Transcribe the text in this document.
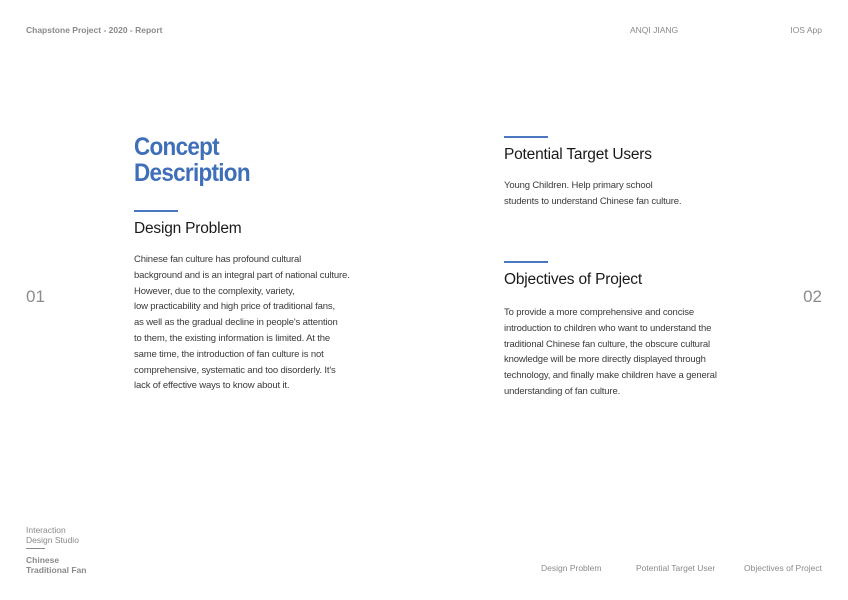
Chapstone Project - 2020 - Report	ANQI JIANG	IOS App
01	02
Concept
Description
Design Problem
Chinese fan culture has profound cultural
background and is an integral part of national culture.
However, due to the complexity, variety,
low practicability and high price of traditional fans,
as well as the gradual decline in people's attention
to them, the existing information is limited. At the
same time, the introduction of fan culture is not
comprehensive, systematic and too disorderly. It's
lack of effective ways to know about it.
Potential Target Users
Young Children. Help primary school
students to understand Chinese fan culture.
Objectives of Project
To provide a more comprehensive and concise
introduction to children who want to understand the
traditional Chinese fan culture, the obscure cultural
knowledge will be more directly displayed through
technology, and finally make children have a general
understanding of fan culture.
Interaction
Design Studio
Chinese
Traditional Fan	Design Problem	Potential Target User	Objectives of Project
